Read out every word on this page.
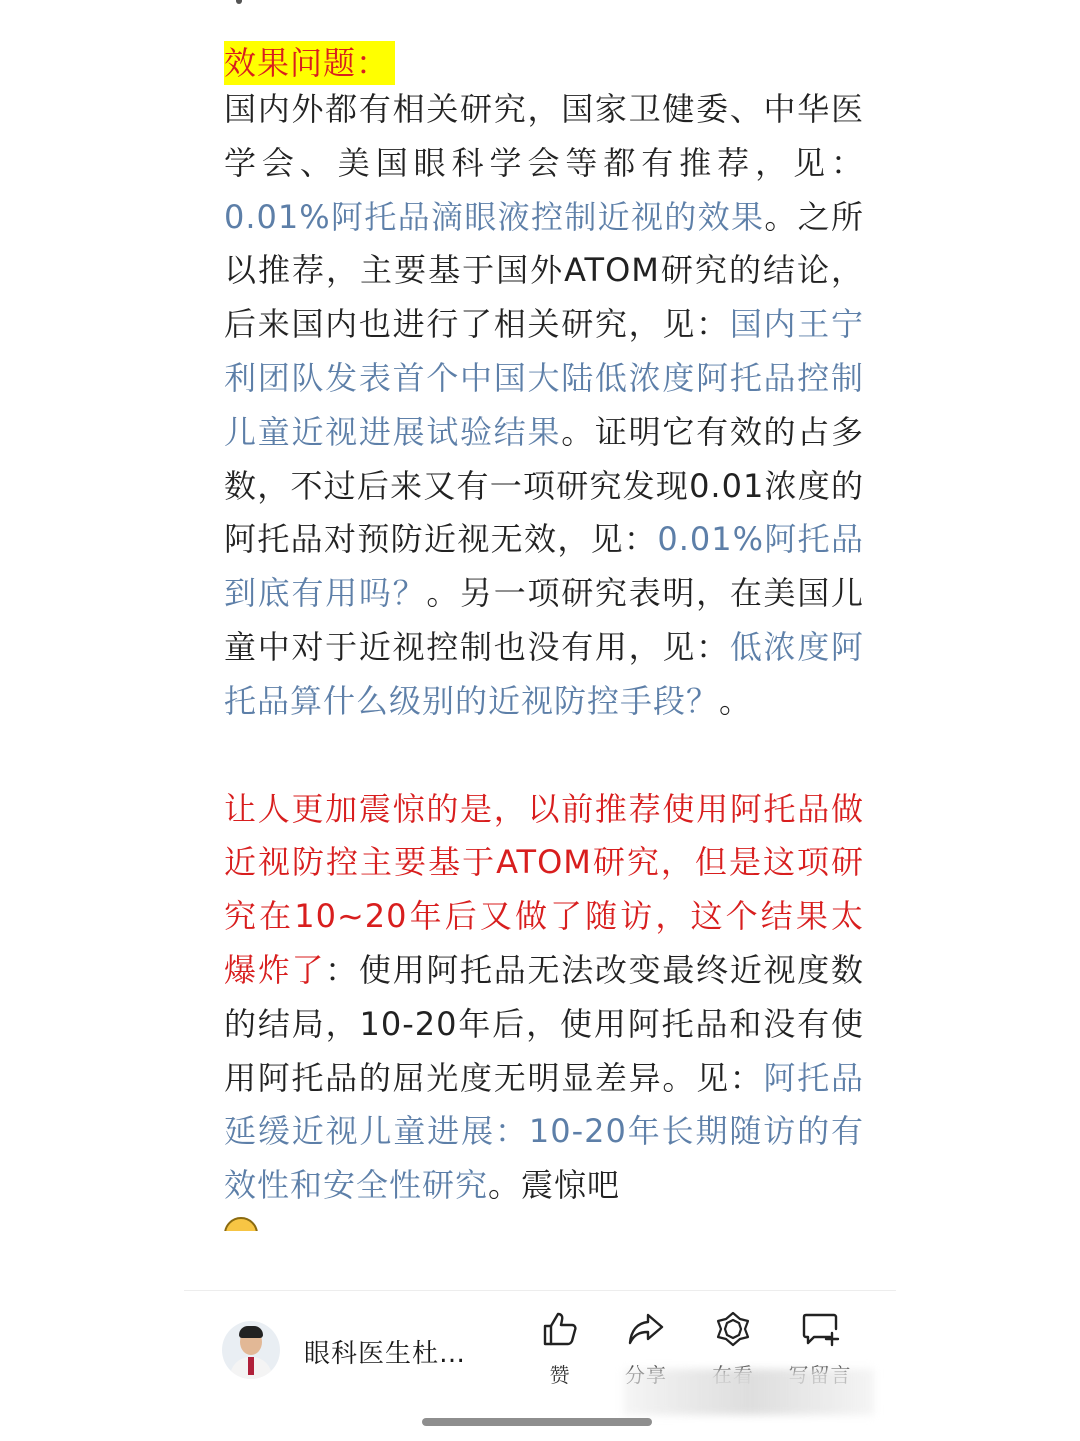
效果问题：

国内外都有相关研究，国家卫健委、中华医学会、美国眼科学会等都有推荐，见：0.01%阿托品滴眼液控制近视的效果。之所以推荐，主要基于国外ATOM研究的结论，后来国内也进行了相关研究，见：国内王宁利团队发表首个中国大陆低浓度阿托品控制儿童近视进展试验结果。证明它有效的占多数，不过后来又有一项研究发现0.01浓度的阿托品对预防近视无效，见：0.01%阿托品到底有用吗？。另一项研究表明，在美国儿童中对于近视控制也没有用，见：低浓度阿托品算什么级别的近视防控手段？。

让人更加震惊的是，以前推荐使用阿托品做近视防控主要基于ATOM研究，但是这项研究在10~20年后又做了随访，这个结果太爆炸了：使用阿托品无法改变最终近视度数的结局，10-20年后，使用阿托品和没有使用阿托品的屈光度无明显差异。见：阿托品延缓近视儿童进展：10-20年长期随访的有效性和安全性研究。震惊吧

眼科医生杜…
赞
